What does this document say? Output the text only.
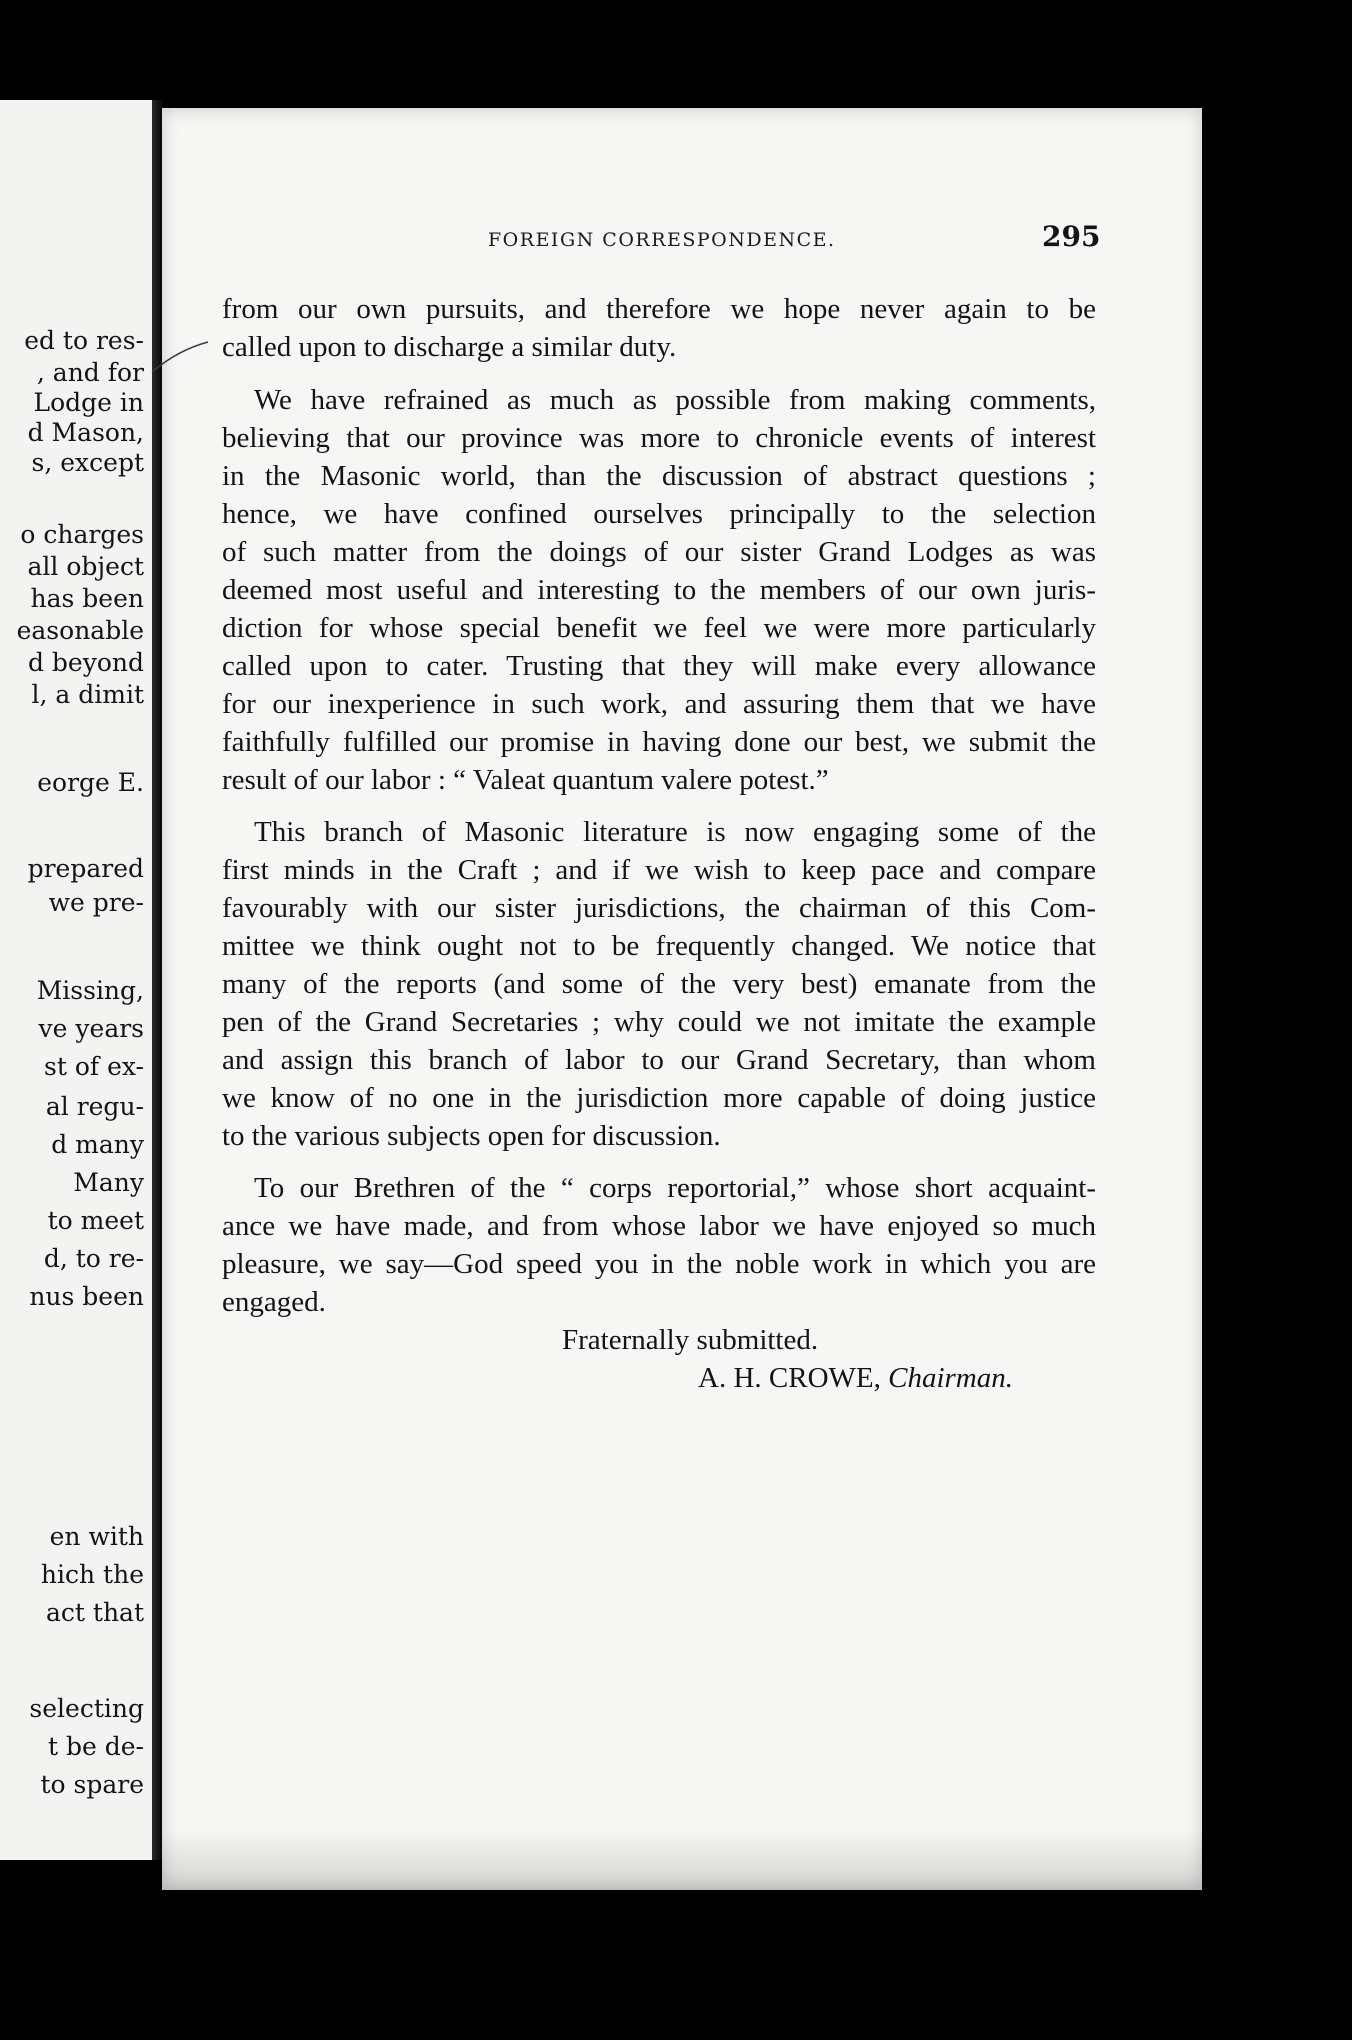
ed to res-
, and for
Lodge in
d Mason,
s, except
o charges
all object
has been
easonable
d beyond
l, a dimit
eorge E.
prepared
we pre-
Missing,
ve years
st of ex-
al regu-
d many
Many
to meet
d, to re-
nus been
en with
hich the
act that
selecting
t be de-
to spare
FOREIGN CORRESPONDENCE.	295
from our own pursuits, and therefore we hope never again to be
called upon to discharge a similar duty.
We have refrained as much as possible from making comments,
believing that our province was more to chronicle events of interest
in the Masonic world, than the discussion of abstract questions ;
hence, we have confined ourselves principally to the selection
of such matter from the doings of our sister Grand Lodges as was
deemed most useful and interesting to the members of our own juris-
diction for whose special benefit we feel we were more particularly
called upon to cater. Trusting that they will make every allowance
for our inexperience in such work, and assuring them that we have
faithfully fulfilled our promise in having done our best, we submit the
result of our labor : “ Valeat quantum valere potest.”
This branch of Masonic literature is now engaging some of the
first minds in the Craft ; and if we wish to keep pace and compare
favourably with our sister jurisdictions, the chairman of this Com-
mittee we think ought not to be frequently changed. We notice that
many of the reports (and some of the very best) emanate from the
pen of the Grand Secretaries ; why could we not imitate the example
and assign this branch of labor to our Grand Secretary, than whom
we know of no one in the jurisdiction more capable of doing justice
to the various subjects open for discussion.
To our Brethren of the “ corps reportorial,” whose short acquaint-
ance we have made, and from whose labor we have enjoyed so much
pleasure, we say—God speed you in the noble work in which you are
engaged.
Fraternally submitted.
A. H. CROWE, Chairman.
